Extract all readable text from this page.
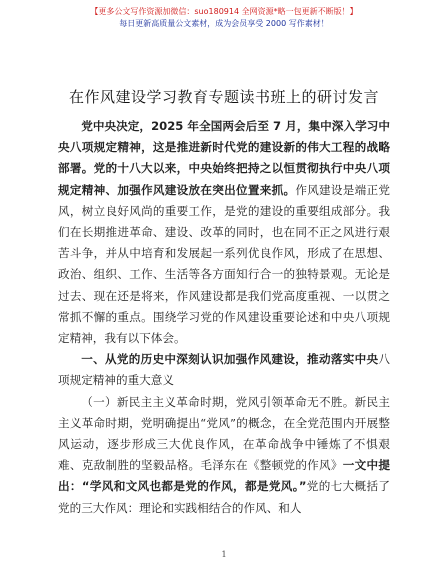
【更多公文写作资源加微信：suo180914 全网资源*略一包更新不断版！】
每日更新高质量公文素材，成为会员享受 2000 写作素材！
在作风建设学习教育专题读书班上的研讨发言

党中央决定，2025 年全国两会后至 7 月，集中深入学习中央八项规定精神，这是推进新时代党的建设新的伟大工程的战略部署。党的十八大以来，中央始终把持之以恒贯彻执行中央八项规定精神、加强作风建设放在突出位置来抓。作风建设是端正党风，树立良好风尚的重要工作，是党的建设的重要组成部分。我们在长期推进革命、建设、改革的同时，也在同不正之风进行艰苦斗争，并从中培育和发展起一系列优良作风，形成了在思想、政治、组织、工作、生活等各方面知行合一的独特景观。无论是过去、现在还是将来，作风建设都是我们党高度重视、一以贯之常抓不懈的重点。围绕学习党的作风建设重要论述和中央八项规定精神，我有以下体会。

一、从党的历史中深刻认识加强作风建设，推动落实中央八项规定精神的重大意义

（一）新民主主义革命时期，党风引领革命无不胜。新民主主义革命时期，党明确提出“党风”的概念，在全党范围内开展整风运动，逐步形成三大优良作风，在革命战争中锤炼了不惧艰难、克敌制胜的坚毅品格。毛泽东在《整顿党的作风》一文中提出：“学风和文风也都是党的作风，都是党风。”党的七大概括了党的三大作风：理论和实践相结合的作风、和人

1
